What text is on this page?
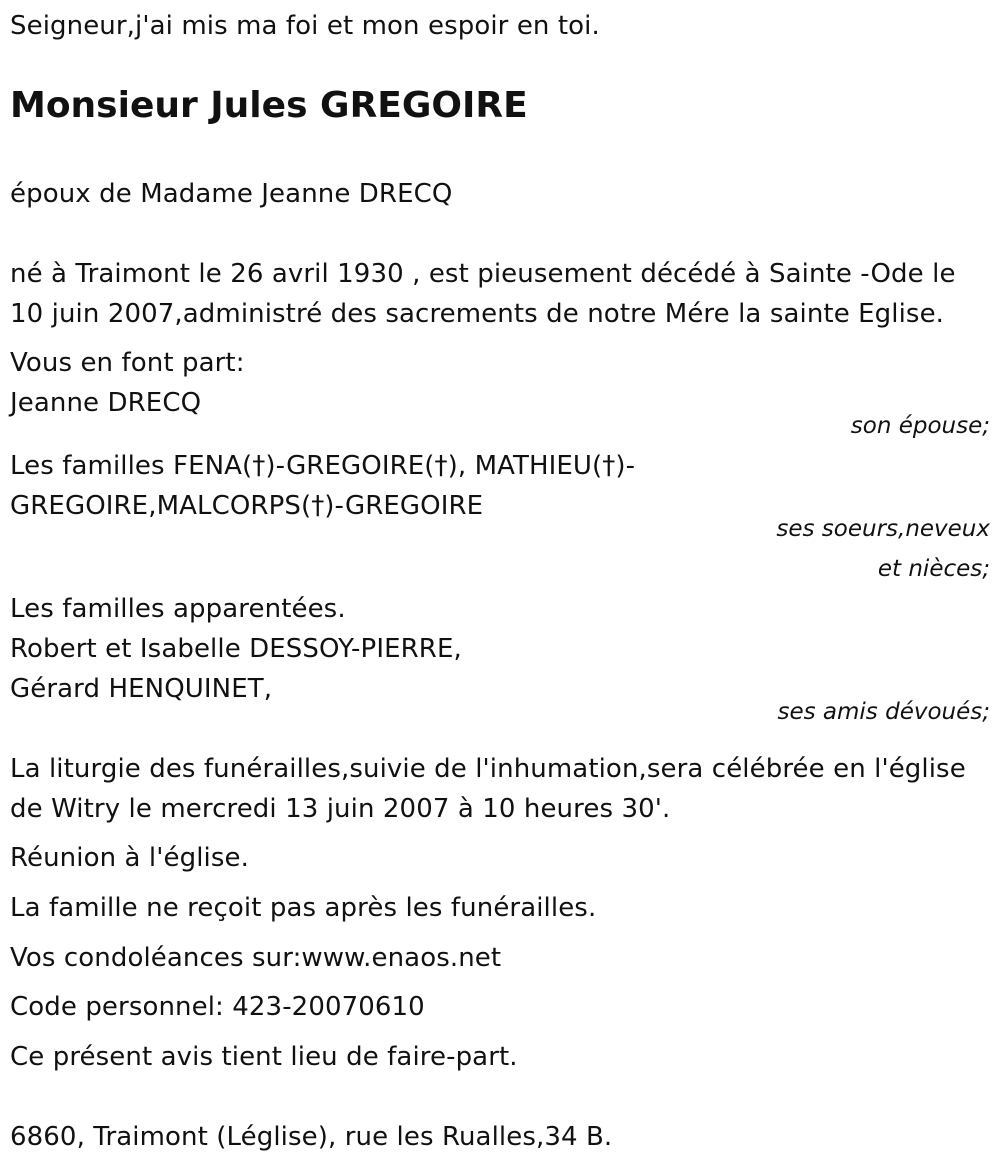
Seigneur,j'ai mis ma foi et mon espoir en toi.
Monsieur Jules GREGOIRE
époux de Madame Jeanne DRECQ
né à Traimont le 26 avril 1930 , est pieusement décédé à Sainte -Ode le
10 juin 2007,administré des sacrements de notre Mére la sainte Eglise.
Vous en font part:
Jeanne DRECQ
son épouse;
Les familles FENA(†)-GREGOIRE(†), MATHIEU(†)-
GREGOIRE,MALCORPS(†)-GREGOIRE
ses soeurs,neveux
et nièces;
Les familles apparentées.
Robert et Isabelle DESSOY-PIERRE,
Gérard HENQUINET,
ses amis dévoués;
La liturgie des funérailles,suivie de l'inhumation,sera célébrée en l'église
de Witry le mercredi 13 juin 2007 à 10 heures 30'.
Réunion à l'église.
La famille ne reçoit pas après les funérailles.
Vos condoléances sur:www.enaos.net
Code personnel: 423-20070610
Ce présent avis tient lieu de faire-part.
6860, Traimont (Léglise), rue les Rualles,34 B.
